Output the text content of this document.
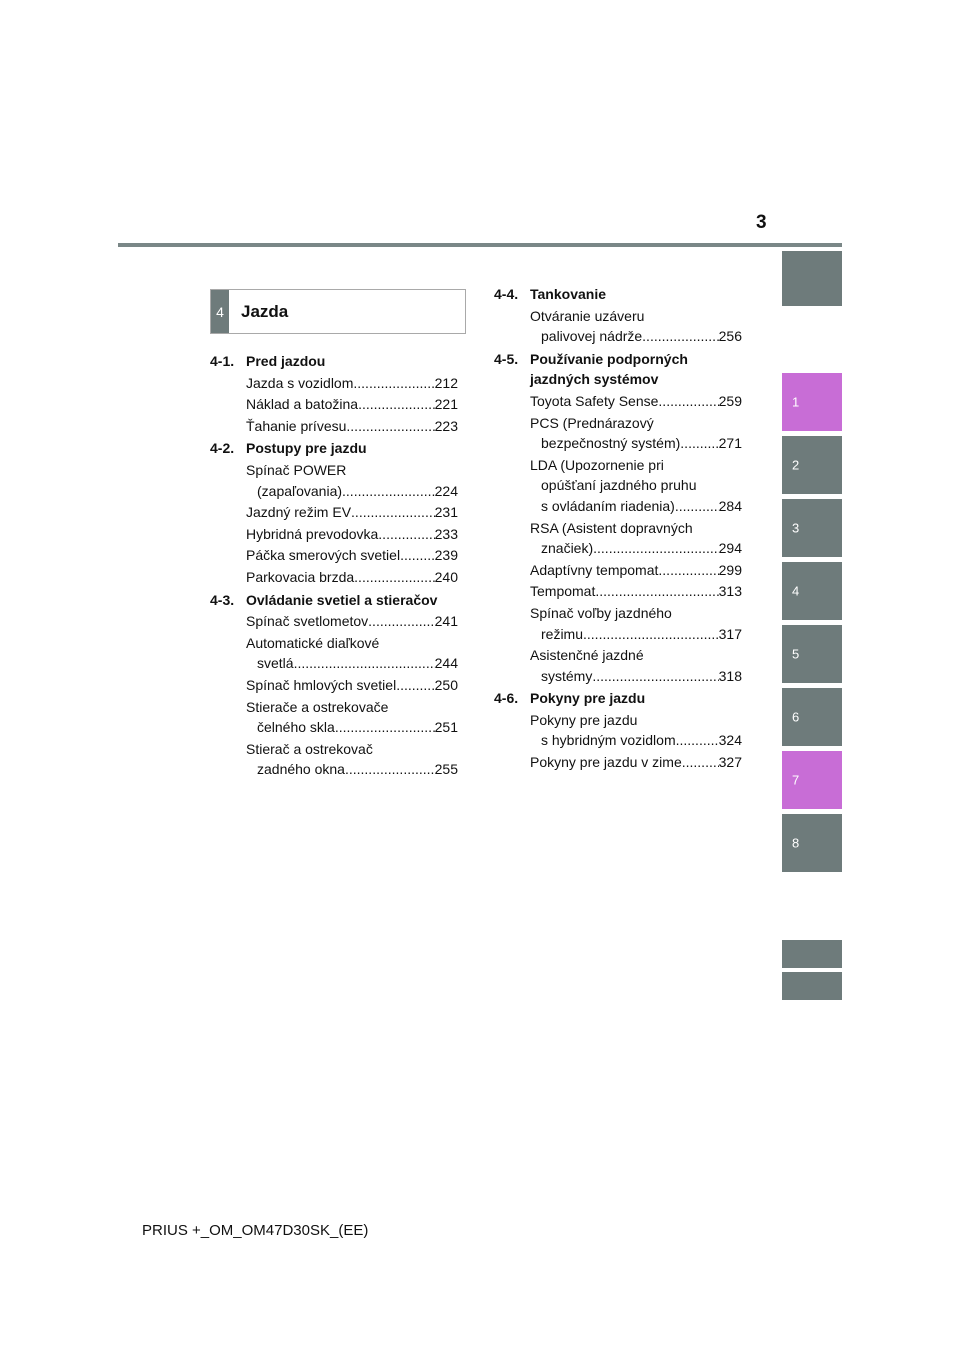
3
1
2
3
4
5
6
7
8
4	Jazda
4-1. Pred jazdou
Jazda s vozidlom .....	212
Náklad a batožina .....	221
Ťahanie prívesu .....	223
4-2. Postupy pre jazdu
Spínač POWER
(zapaľovania) .....	224
Jazdný režim EV .....	231
Hybridná prevodovka .....	233
Páčka smerových svetiel ..... 239
Parkovacia brzda .....	240
4-3. Ovládanie svetiel a stieračov
Spínač svetlometov .....	241
Automatické diaľkové
svetlá .....	244
Spínač hmlových svetiel .....	250
Stierače a ostrekovače
čelného skla .....	251
Stierač a ostrekovač
zadného okna .....	255
4-4. Tankovanie
Otváranie uzáveru
palivovej nádrže .....	256
4-5. Používanie podporných jazdných systémov
Toyota Safety Sense .....	259
PCS (Prednárazový
bezpečnostný systém) .....	271
LDA (Upozornenie pri
opúšťaní jazdného pruhu
s ovládaním riadenia) .....	284
RSA (Asistent dopravných
značiek) .....	294
Adaptívny tempomat .....	299
Tempomat .....	313
Spínač voľby jazdného
režimu .....	317
Asistenčné jazdné
systémy .....	318
4-6. Pokyny pre jazdu
Pokyny pre jazdu
s hybridným vozidlom .....	324
Pokyny pre jazdu v zime .....	327
PRIUS +_OM_OM47D30SK_(EE)
